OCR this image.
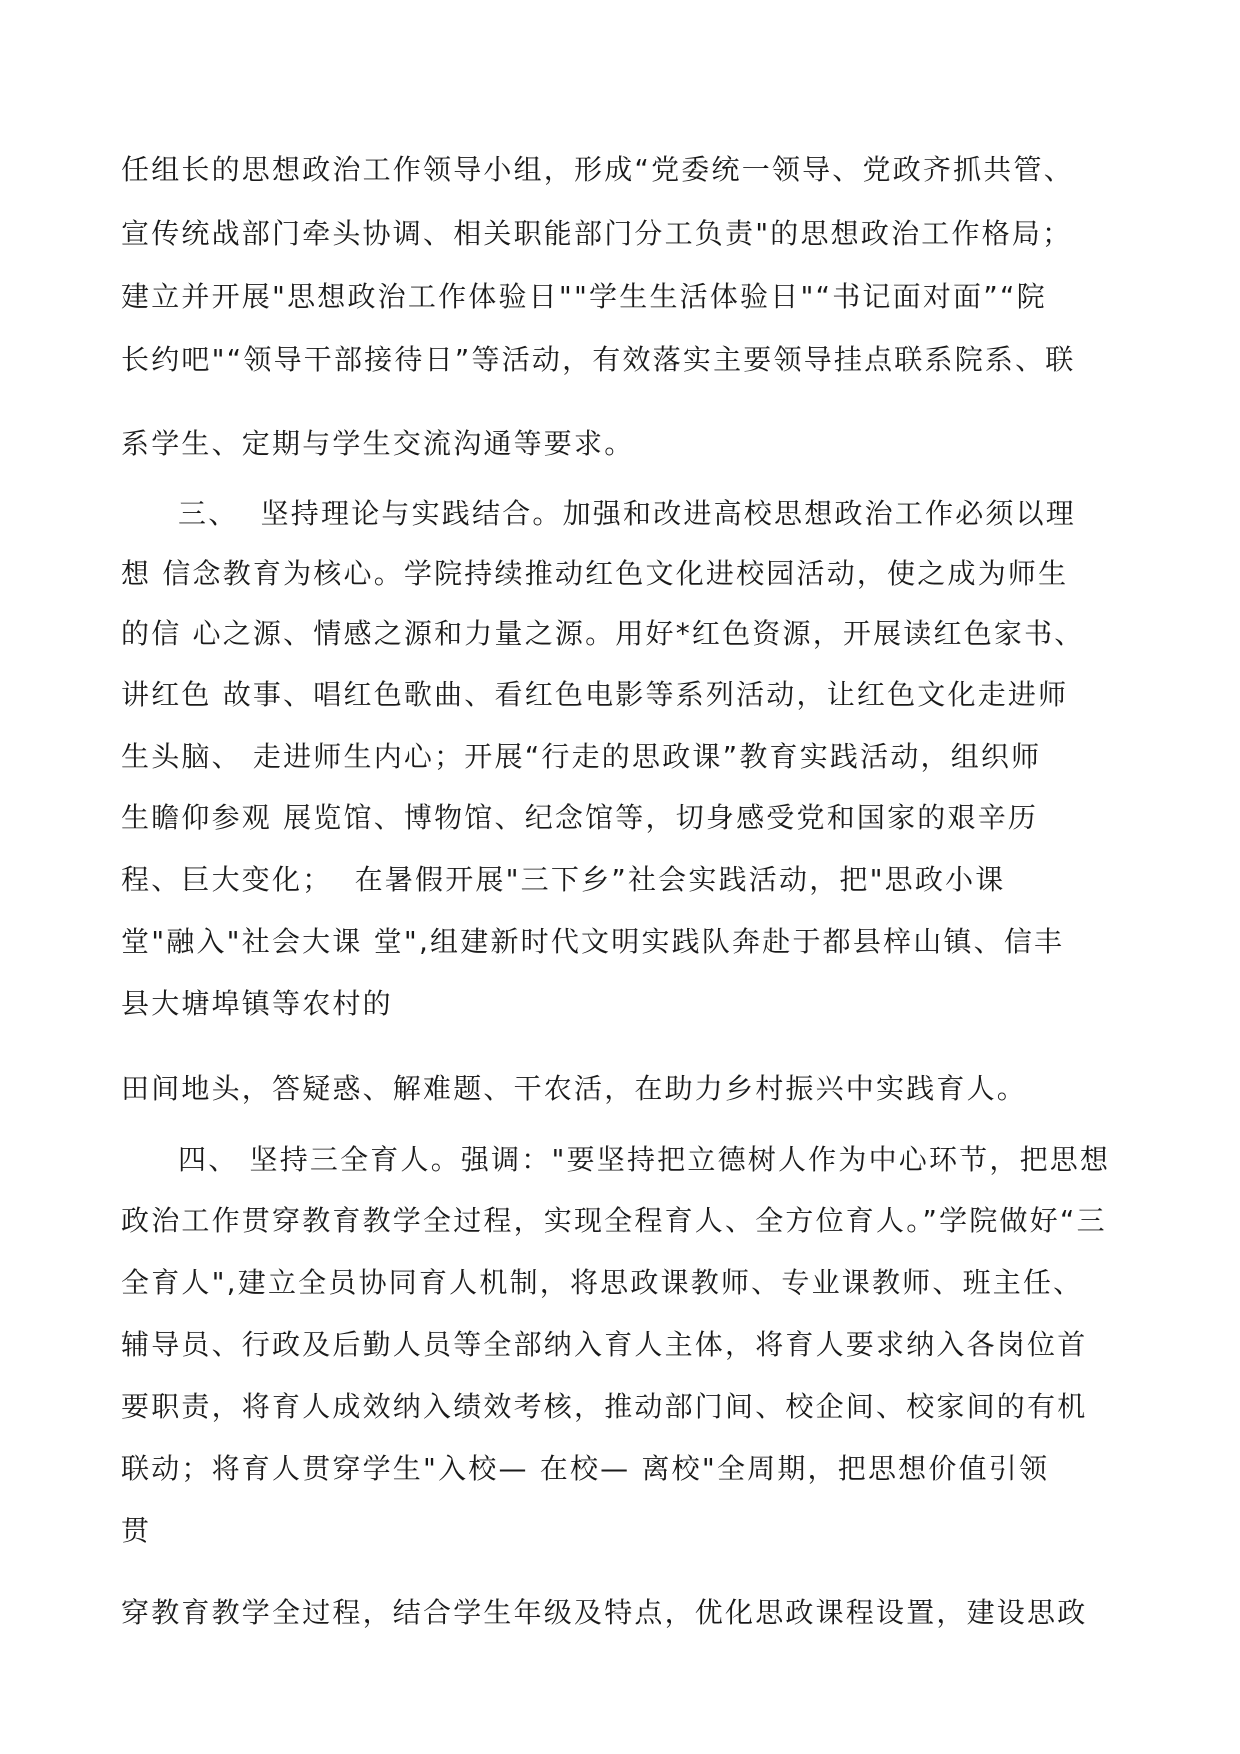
任组长的思想政治工作领导小组，形成“党委统一领导、党政齐抓共管、
宣传统战部门牵头协调、相关职能部门分工负责"的思想政治工作格局；
建立并开展"思想政治工作体验日""学生生活体验日"“书记面对面”“院
长约吧"“领导干部接待日”等活动，有效落实主要领导挂点联系院系、联
系学生、定期与学生交流沟通等要求。
三、  坚持理论与实践结合。加强和改进高校思想政治工作必须以理
想 信念教育为核心。学院持续推动红色文化进校园活动，使之成为师生
的信 心之源、情感之源和力量之源。用好*红色资源，开展读红色家书、
讲红色 故事、唱红色歌曲、看红色电影等系列活动，让红色文化走进师
生头脑、 走进师生内心；开展“行走的思政课”教育实践活动，组织师
生瞻仰参观 展览馆、博物馆、纪念馆等，切身感受党和国家的艰辛历
程、巨大变化；  在暑假开展"三下乡”社会实践活动，把"思政小课
堂"融入"社会大课 堂",组建新时代文明实践队奔赴于都县梓山镇、信丰
县大塘埠镇等农村的
田间地头，答疑惑、解难题、干农活，在助力乡村振兴中实践育人。
四、 坚持三全育人。强调："要坚持把立德树人作为中心环节，把思想
政治工作贯穿教育教学全过程，实现全程育人、全方位育人。”学院做好“三
全育人",建立全员协同育人机制，将思政课教师、专业课教师、班主任、
辅导员、行政及后勤人员等全部纳入育人主体，将育人要求纳入各岗位首
要职责，将育人成效纳入绩效考核，推动部门间、校企间、校家间的有机
联动；将育人贯穿学生"入校— 在校— 离校"全周期，把思想价值引领
贯
穿教育教学全过程，结合学生年级及特点，优化思政课程设置，建设思政
